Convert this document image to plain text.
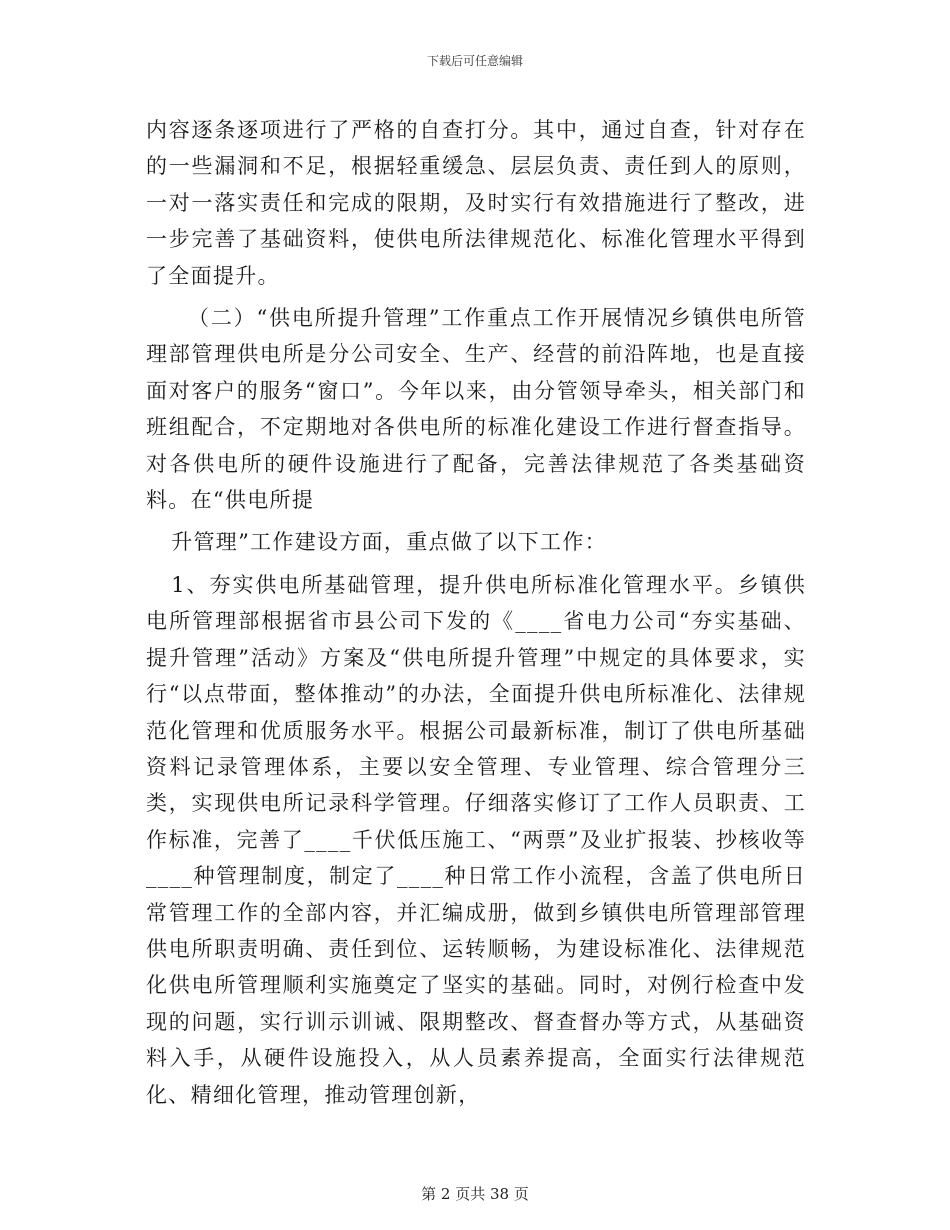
下载后可任意编辑

内容逐条逐项进行了严格的自查打分。其中，通过自查，针对存在的一些漏洞和不足，根据轻重缓急、层层负责、责任到人的原则，一对一落实责任和完成的限期，及时实行有效措施进行了整改，进一步完善了基础资料，使供电所法律规范化、标准化管理水平得到了全面提升。

（二）“供电所提升管理”工作重点工作开展情况乡镇供电所管理部管理供电所是分公司安全、生产、经营的前沿阵地，也是直接面对客户的服务“窗口”。今年以来，由分管领导牵头，相关部门和班组配合，不定期地对各供电所的标准化建设工作进行督查指导。对各供电所的硬件设施进行了配备，完善法律规范了各类基础资料。在“供电所提

升管理”工作建设方面，重点做了以下工作：

1、夯实供电所基础管理，提升供电所标准化管理水平。乡镇供电所管理部根据省市县公司下发的《____省电力公司“夯实基础、提升管理”活动》方案及“供电所提升管理”中规定的具体要求，实行“以点带面，整体推动”的办法，全面提升供电所标准化、法律规范化管理和优质服务水平。根据公司最新标准，制订了供电所基础资料记录管理体系，主要以安全管理、专业管理、综合管理分三类，实现供电所记录科学管理。仔细落实修订了工作人员职责、工作标准，完善了____千伏低压施工、“两票”及业扩报装、抄核收等____种管理制度，制定了____种日常工作小流程，含盖了供电所日常管理工作的全部内容，并汇编成册，做到乡镇供电所管理部管理供电所职责明确、责任到位、运转顺畅，为建设标准化、法律规范化供电所管理顺利实施奠定了坚实的基础。同时，对例行检查中发现的问题，实行训示训诫、限期整改、督查督办等方式，从基础资料入手，从硬件设施投入，从人员素养提高，全面实行法律规范化、精细化管理，推动管理创新，

第 2 页共 38 页
